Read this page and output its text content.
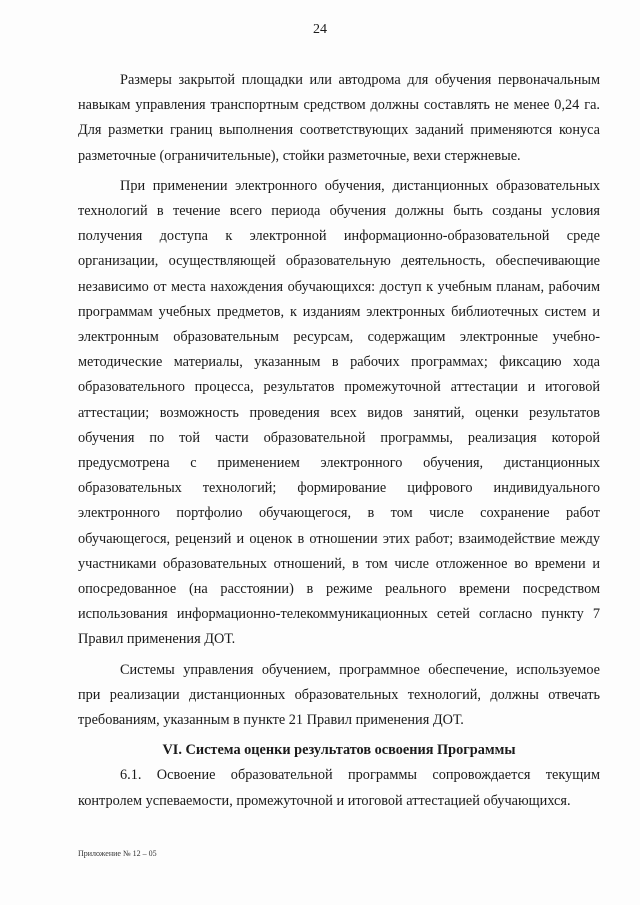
24

Размеры закрытой площадки или автодрома для обучения первоначальным навыкам управления транспортным средством должны составлять не менее 0,24 га. Для разметки границ выполнения соответствующих заданий применяются конуса разметочные (ограничительные), стойки разметочные, вехи стержневые.

При применении электронного обучения, дистанционных образовательных технологий в течение всего периода обучения должны быть созданы условия получения доступа к электронной информационно-образовательной среде организации, осуществляющей образовательную деятельность, обеспечивающие независимо от места нахождения обучающихся: доступ к учебным планам, рабочим программам учебных предметов, к изданиям электронных библиотечных систем и электронным образовательным ресурсам, содержащим электронные учебно-методические материалы, указанным в рабочих программах; фиксацию хода образовательного процесса, результатов промежуточной аттестации и итоговой аттестации; возможность проведения всех видов занятий, оценки результатов обучения по той части образовательной программы, реализация которой предусмотрена с применением электронного обучения, дистанционных образовательных технологий; формирование цифрового индивидуального электронного портфолио обучающегося, в том числе сохранение работ обучающегося, рецензий и оценок в отношении этих работ; взаимодействие между участниками образовательных отношений, в том числе отложенное во времени и опосредованное (на расстоянии) в режиме реального времени посредством использования информационно-телекоммуникационных сетей согласно пункту 7 Правил применения ДОТ.

Системы управления обучением, программное обеспечение, используемое при реализации дистанционных образовательных технологий, должны отвечать требованиям, указанным в пункте 21 Правил применения ДОТ.

VI. Система оценки результатов освоения Программы

6.1. Освоение образовательной программы сопровождается текущим контролем успеваемости, промежуточной и итоговой аттестацией обучающихся.

Приложение № 12 – 05
